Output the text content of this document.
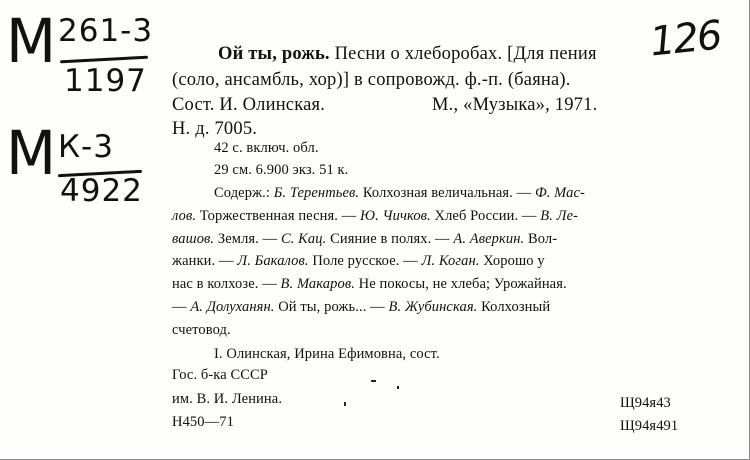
М 261-3
1197
М К-3
4922
126
Ой ты, рожь. Песни о хлеборобах. [Для пения
(соло, ансамбль, хор)] в сопровожд. ф.-п. (баяна).
Сост. И. Олинская.	М., «Музыка», 1971.
Н. д. 7005.
42 с. включ. обл.
29 см. 6.900 экз. 51 к.
Содерж.: Б. Терентьев. Колхозная величальная. — Ф. Мас-
лов. Торжественная песня. — Ю. Чичков. Хлеб России. — В. Ле-
вашов. Земля. — С. Кац. Сияние в полях. — А. Аверкин. Вол-
жанки. — Л. Бакалов. Поле русское. — Л. Коган. Хорошо у
нас в колхозе. — В. Макаров. Не покосы, не хлеба; Урожайная.
— А. Долуханян. Ой ты, рожь... — В. Жубинская. Колхозный
счетовод.
I. Олинская, Ирина Ефимовна, сост.
Гос. б-ка СССР
им. В. И. Ленина.
Н450—71
Щ94я43
Щ94я491
